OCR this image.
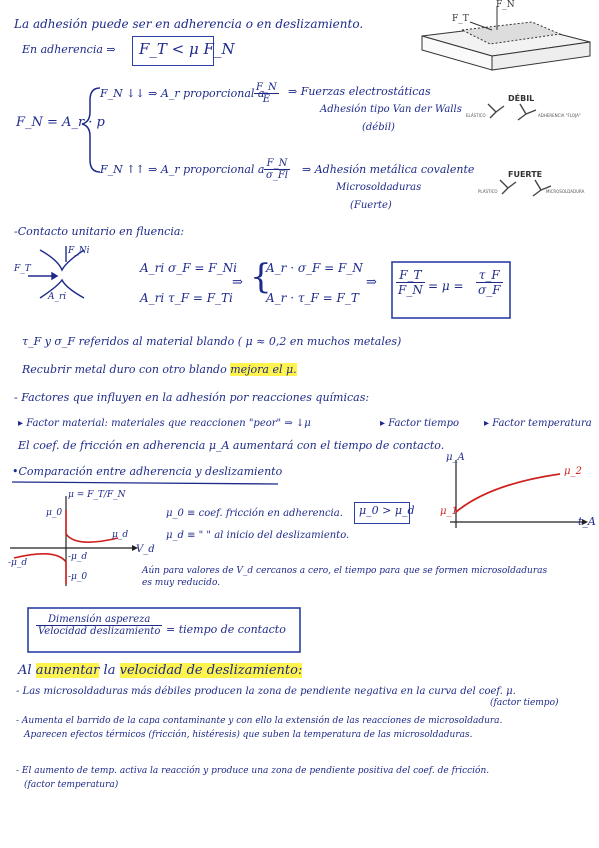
La adhesión puede ser en adherencia o en deslizamiento.
En adherencia ⇒ F_T < μ F_N
F_N
F_T
F_N = A_r · p
F_N ↓↓ ⇒ A_r proporcional a
$\frac{F\_N}{E}$ ⇒ Fuerzas electrostáticas
Adhesión tipo Van der Walls
(débil)
DÉBIL
ELÁSTICO	ADHERENCIA "FLOJA"
F_N ↑↑ ⇒ A_r proporcional a $\frac{F\_N}{\sigma\_Fl}$ ⇒ Adhesión metálica covalente
Microsoldaduras
(Fuerte)
FUERTE
PLÁSTICO	MICROSOLDADURA
-Contacto unitario en fluencia:
F_Ni
F_T
A_ri
A_ri σ_F = F_Ni
A_ri τ_F = F_Ti
⇒ {
A_r · σ_F = F_N
A_r · τ_F = F_T
⇒ $\frac{F\_T}{F\_N} = \mu = \frac{\tau\_F}{\sigma\_F}$
τ_F y σ_F referidos al material blando ( μ ≈ 0,2 en muchos metales)
Recubrir metal duro con otro blando mejora el μ.
- Factores que influyen en la adhesión por reacciones químicas:
▸ Factor material: materiales que reaccionen "peor" ⇒ ↓μ	▸ Factor tiempo ▸ Factor temperatura
El coef. de fricción en adherencia μ_A aumentará con el tiempo de contacto.
μ_A
t_A
μ_1
μ_2
•Comparación entre adherencia y deslizamiento
μ = F_T/F_N
V_d
μ_0
μ_d
-μ_d
-μ_0
-μ_d
μ_0 ≡ coef. fricción en adherencia.
μ_d ≡ " " al inicio del deslizamiento.
μ_0 > μ_d
Aún para valores de V_d cercanos a cero, el tiempo para que se formen microsoldaduras
es muy reducido.
Dimensión aspereza
Velocidad deslizamiento = tiempo de contacto
Al aumentar la velocidad de deslizamiento:
- Las microsoldaduras más débiles producen la zona de pendiente negativa en la curva del coef. μ.
(factor tiempo)
- Aumenta el barrido de la capa contaminante y con ello la extensión de las reacciones de microsoldadura.
Aparecen efectos térmicos (fricción, histéresis) que suben la temperatura de las microsoldaduras.
- El aumento de temp. activa la reacción y produce una zona de pendiente positiva del coef. de fricción.
(factor temperatura)
